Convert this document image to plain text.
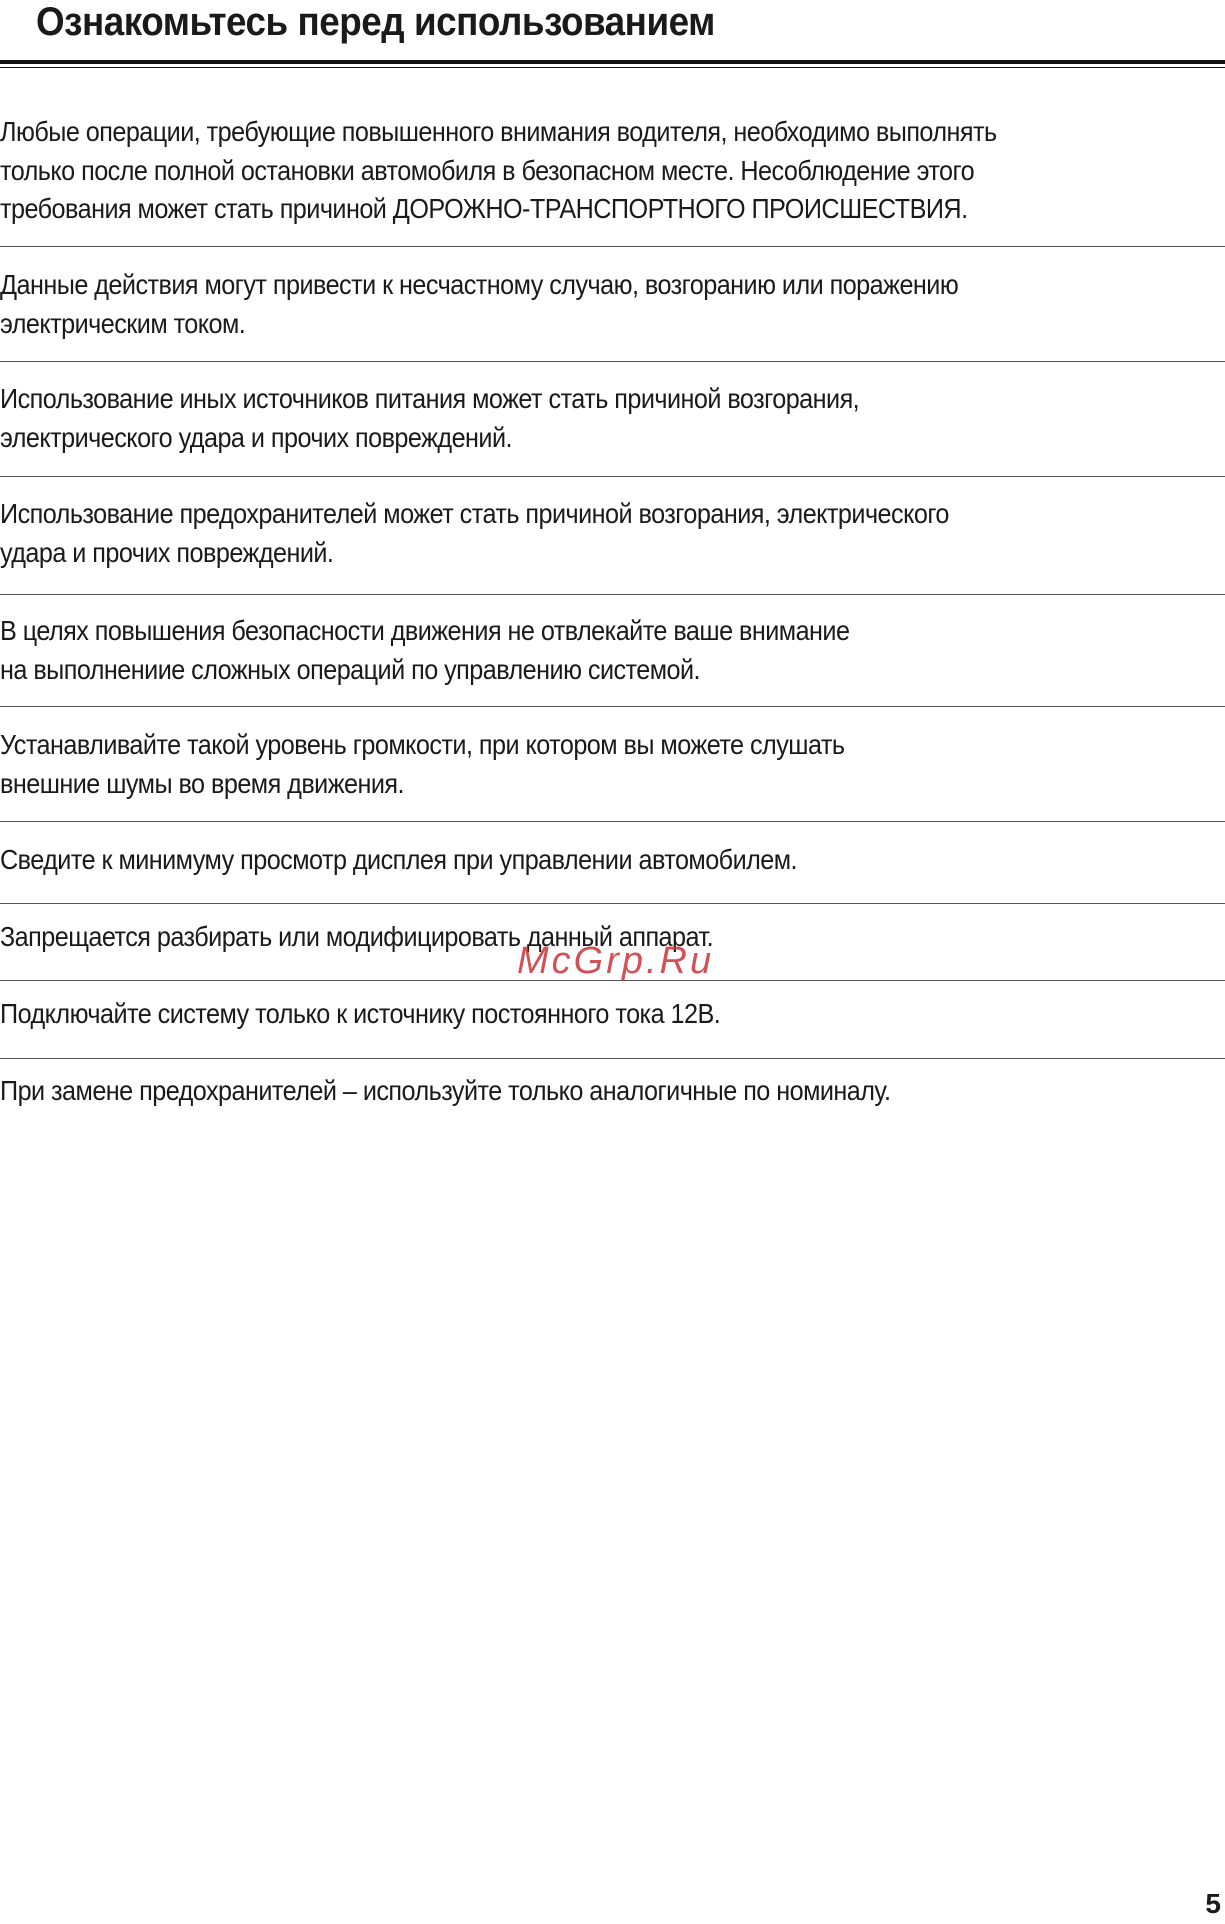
Ознакомьтесь перед использованием
Любые операции, требующие повышенного внимания водителя, необходимо выполнять
только после полной остановки автомобиля в безопасном месте. Несоблюдение этого
требования может стать причиной ДОРОЖНО-ТРАНСПОРТНОГО ПРОИСШЕСТВИЯ.
Данные действия могут привести к несчастному случаю, возгоранию или поражению
электрическим током.
Использование иных источников питания может стать причиной возгорания,
электрического удара и прочих повреждений.
Использование предохранителей может стать причиной возгорания, электрического
удара и прочих повреждений.
В целях повышения безопасности движения не отвлекайте ваше внимание
на выполнениие сложных операций по управлению системой.
Устанавливайте такой уровень громкости, при котором вы можете слушать
внешние шумы во время движения.
Сведите к минимуму просмотр дисплея при управлении автомобилем.
Запрещается разбирать или модифицировать данный аппарат.
Подключайте систему только к источнику постоянного тока 12В.
При замене предохранителей – используйте только аналогичные по номиналу.
McGrp.Ru
5
